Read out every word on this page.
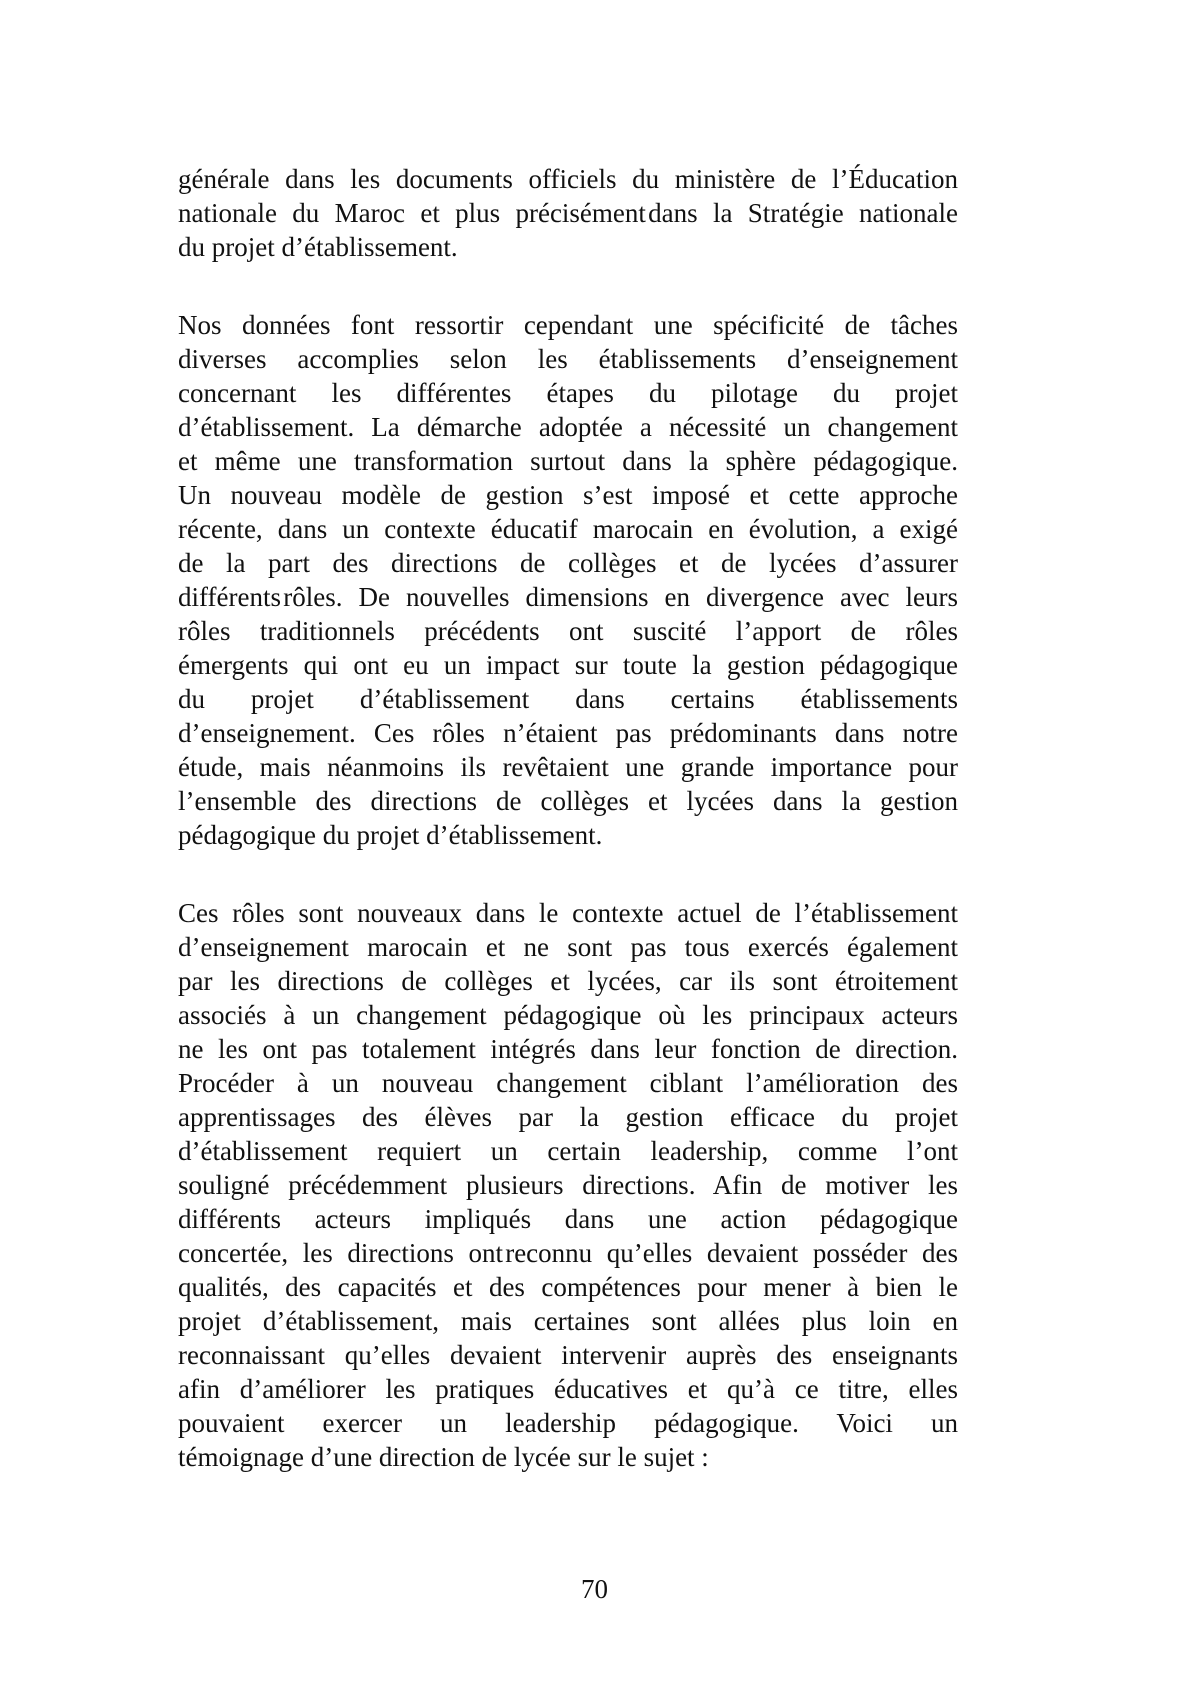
générale dans les documents officiels du ministère de l’Éducation
nationale du Maroc et plus précisément dans la Stratégie nationale
du projet d’établissement.
Nos données font ressortir cependant une spécificité de tâches
diverses accomplies selon les établissements d’enseignement
concernant les différentes étapes du pilotage du projet
d’établissement. La démarche adoptée a nécessité un changement
et même une transformation surtout dans la sphère pédagogique.
Un nouveau modèle de gestion s’est imposé et cette approche
récente, dans un contexte éducatif marocain en évolution, a exigé
de la part des directions de collèges et de lycées d’assurer
différents rôles. De nouvelles dimensions en divergence avec leurs
rôles traditionnels précédents ont suscité l’apport de rôles
émergents qui ont eu un impact sur toute la gestion pédagogique
du projet d’établissement dans certains établissements
d’enseignement. Ces rôles n’étaient pas prédominants dans notre
étude, mais néanmoins ils revêtaient une grande importance pour
l’ensemble des directions de collèges et lycées dans la gestion
pédagogique du projet d’établissement.
Ces rôles sont nouveaux dans le contexte actuel de l’établissement
d’enseignement marocain et ne sont pas tous exercés également
par les directions de collèges et lycées, car ils sont étroitement
associés à un changement pédagogique où les principaux acteurs
ne les ont pas totalement intégrés dans leur fonction de direction.
Procéder à un nouveau changement ciblant l’amélioration des
apprentissages des élèves par la gestion efficace du projet
d’établissement requiert un certain leadership, comme l’ont
souligné précédemment plusieurs directions. Afin de motiver les
différents acteurs impliqués dans une action pédagogique
concertée, les directions ont reconnu qu’elles devaient posséder des
qualités, des capacités et des compétences pour mener à bien le
projet d’établissement, mais certaines sont allées plus loin en
reconnaissant qu’elles devaient intervenir auprès des enseignants
afin d’améliorer les pratiques éducatives et qu’à ce titre, elles
pouvaient exercer un leadership pédagogique. Voici un
témoignage d’une direction de lycée sur le sujet :
70
